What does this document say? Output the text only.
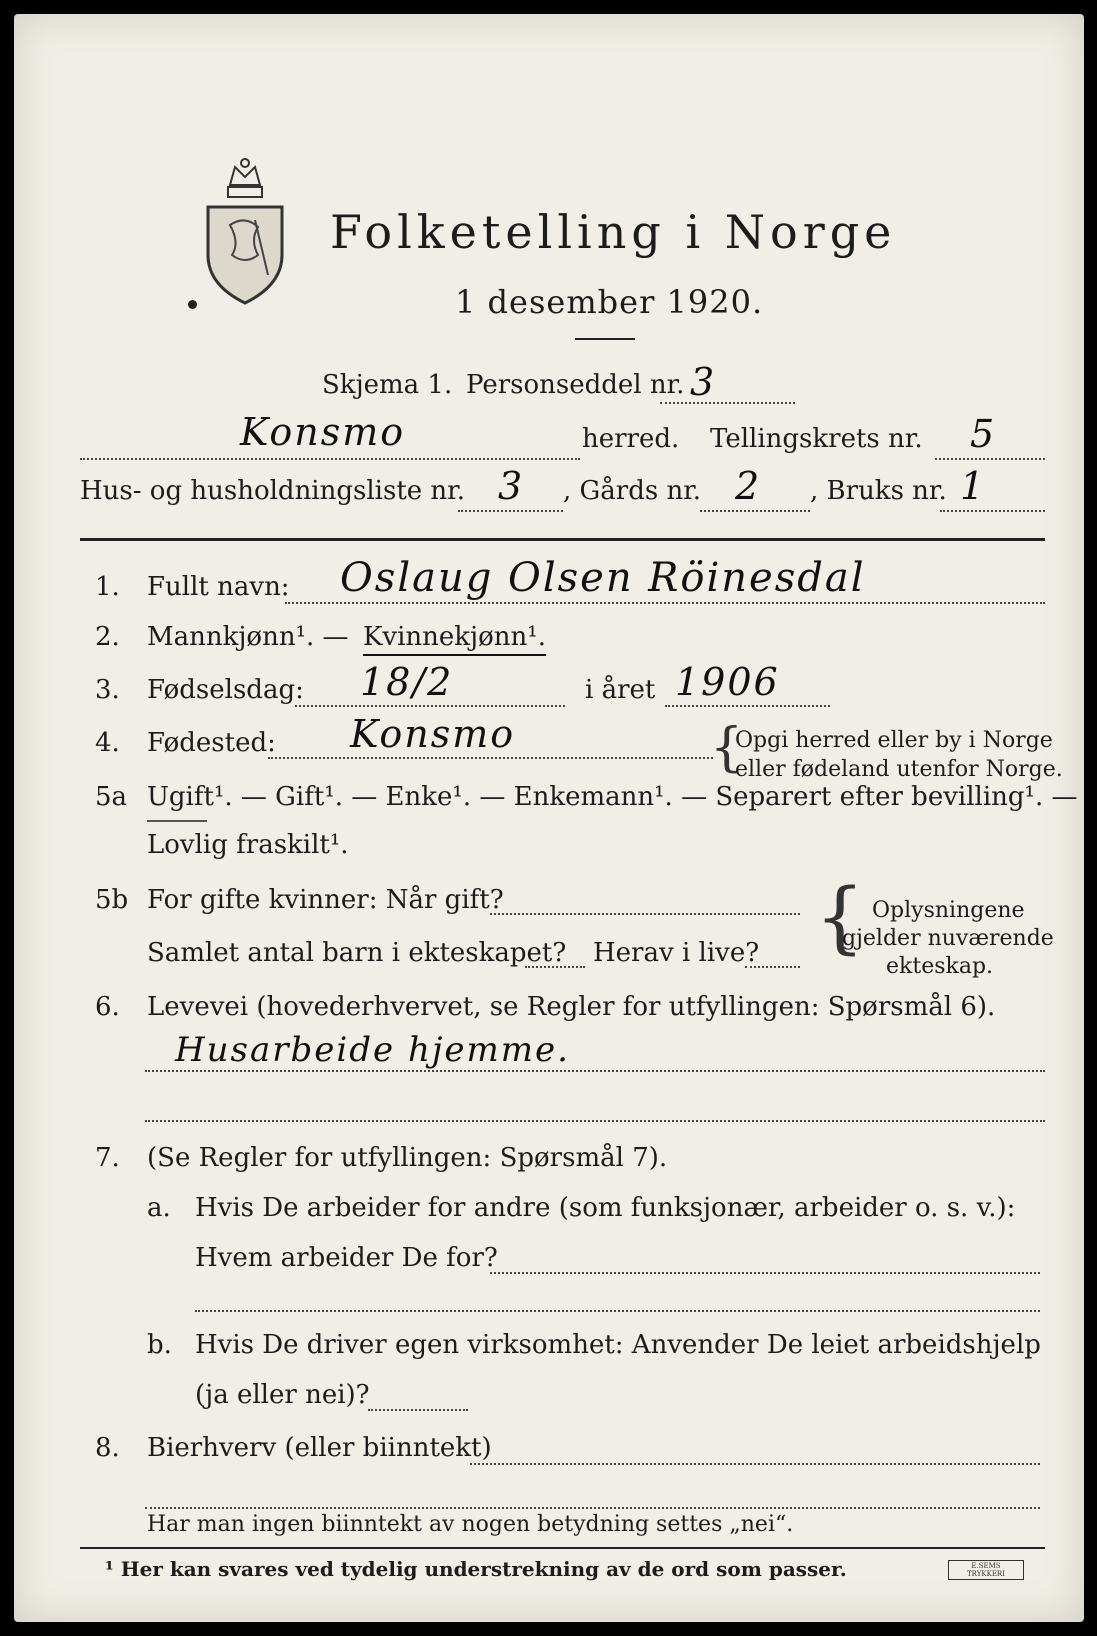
Folketelling i Norge
1 desember 1920.
Skjema 1. Personseddel nr. 3
Konsmo	herred. Tellingskrets nr. 5
Hus- og husholdningsliste nr. 3 , Gårds nr. 2 , Bruks nr. 1
1. Fullt navn: Oslaug Olsen Röinesdal
2. Mannkjønn¹. — Kvinnekjønn¹.
3. Fødselsdag: 18/2	i året 1906
4. Fødested: Konsmo	{
Opgi herred eller by i Norge
eller fødeland utenfor Norge.
5a Ugift¹. — Gift¹. — Enke¹. — Enkemann¹. — Separert efter bevilling¹. —
Lovlig fraskilt¹.
5b For gifte kvinner: Når gift?
Samlet antal barn i ekteskapet? Herav i live? { Oplysningene
gjelder nuværende
ekteskap.
6. Levevei (hovederhvervet, se Regler for utfyllingen: Spørsmål 6).
Husarbeide hjemme.
7. (Se Regler for utfyllingen: Spørsmål 7).
a. Hvis De arbeider for andre (som funksjonær, arbeider o. s. v.):
Hvem arbeider De for?
b. Hvis De driver egen virksomhet: Anvender De leiet arbeidshjelp
(ja eller nei)?
8. Bierhverv (eller biinntekt)
Har man ingen biinntekt av nogen betydning settes „nei“.
¹ Her kan svares ved tydelig understrekning av de ord som passer.	E.SEMS TRYKKERI
